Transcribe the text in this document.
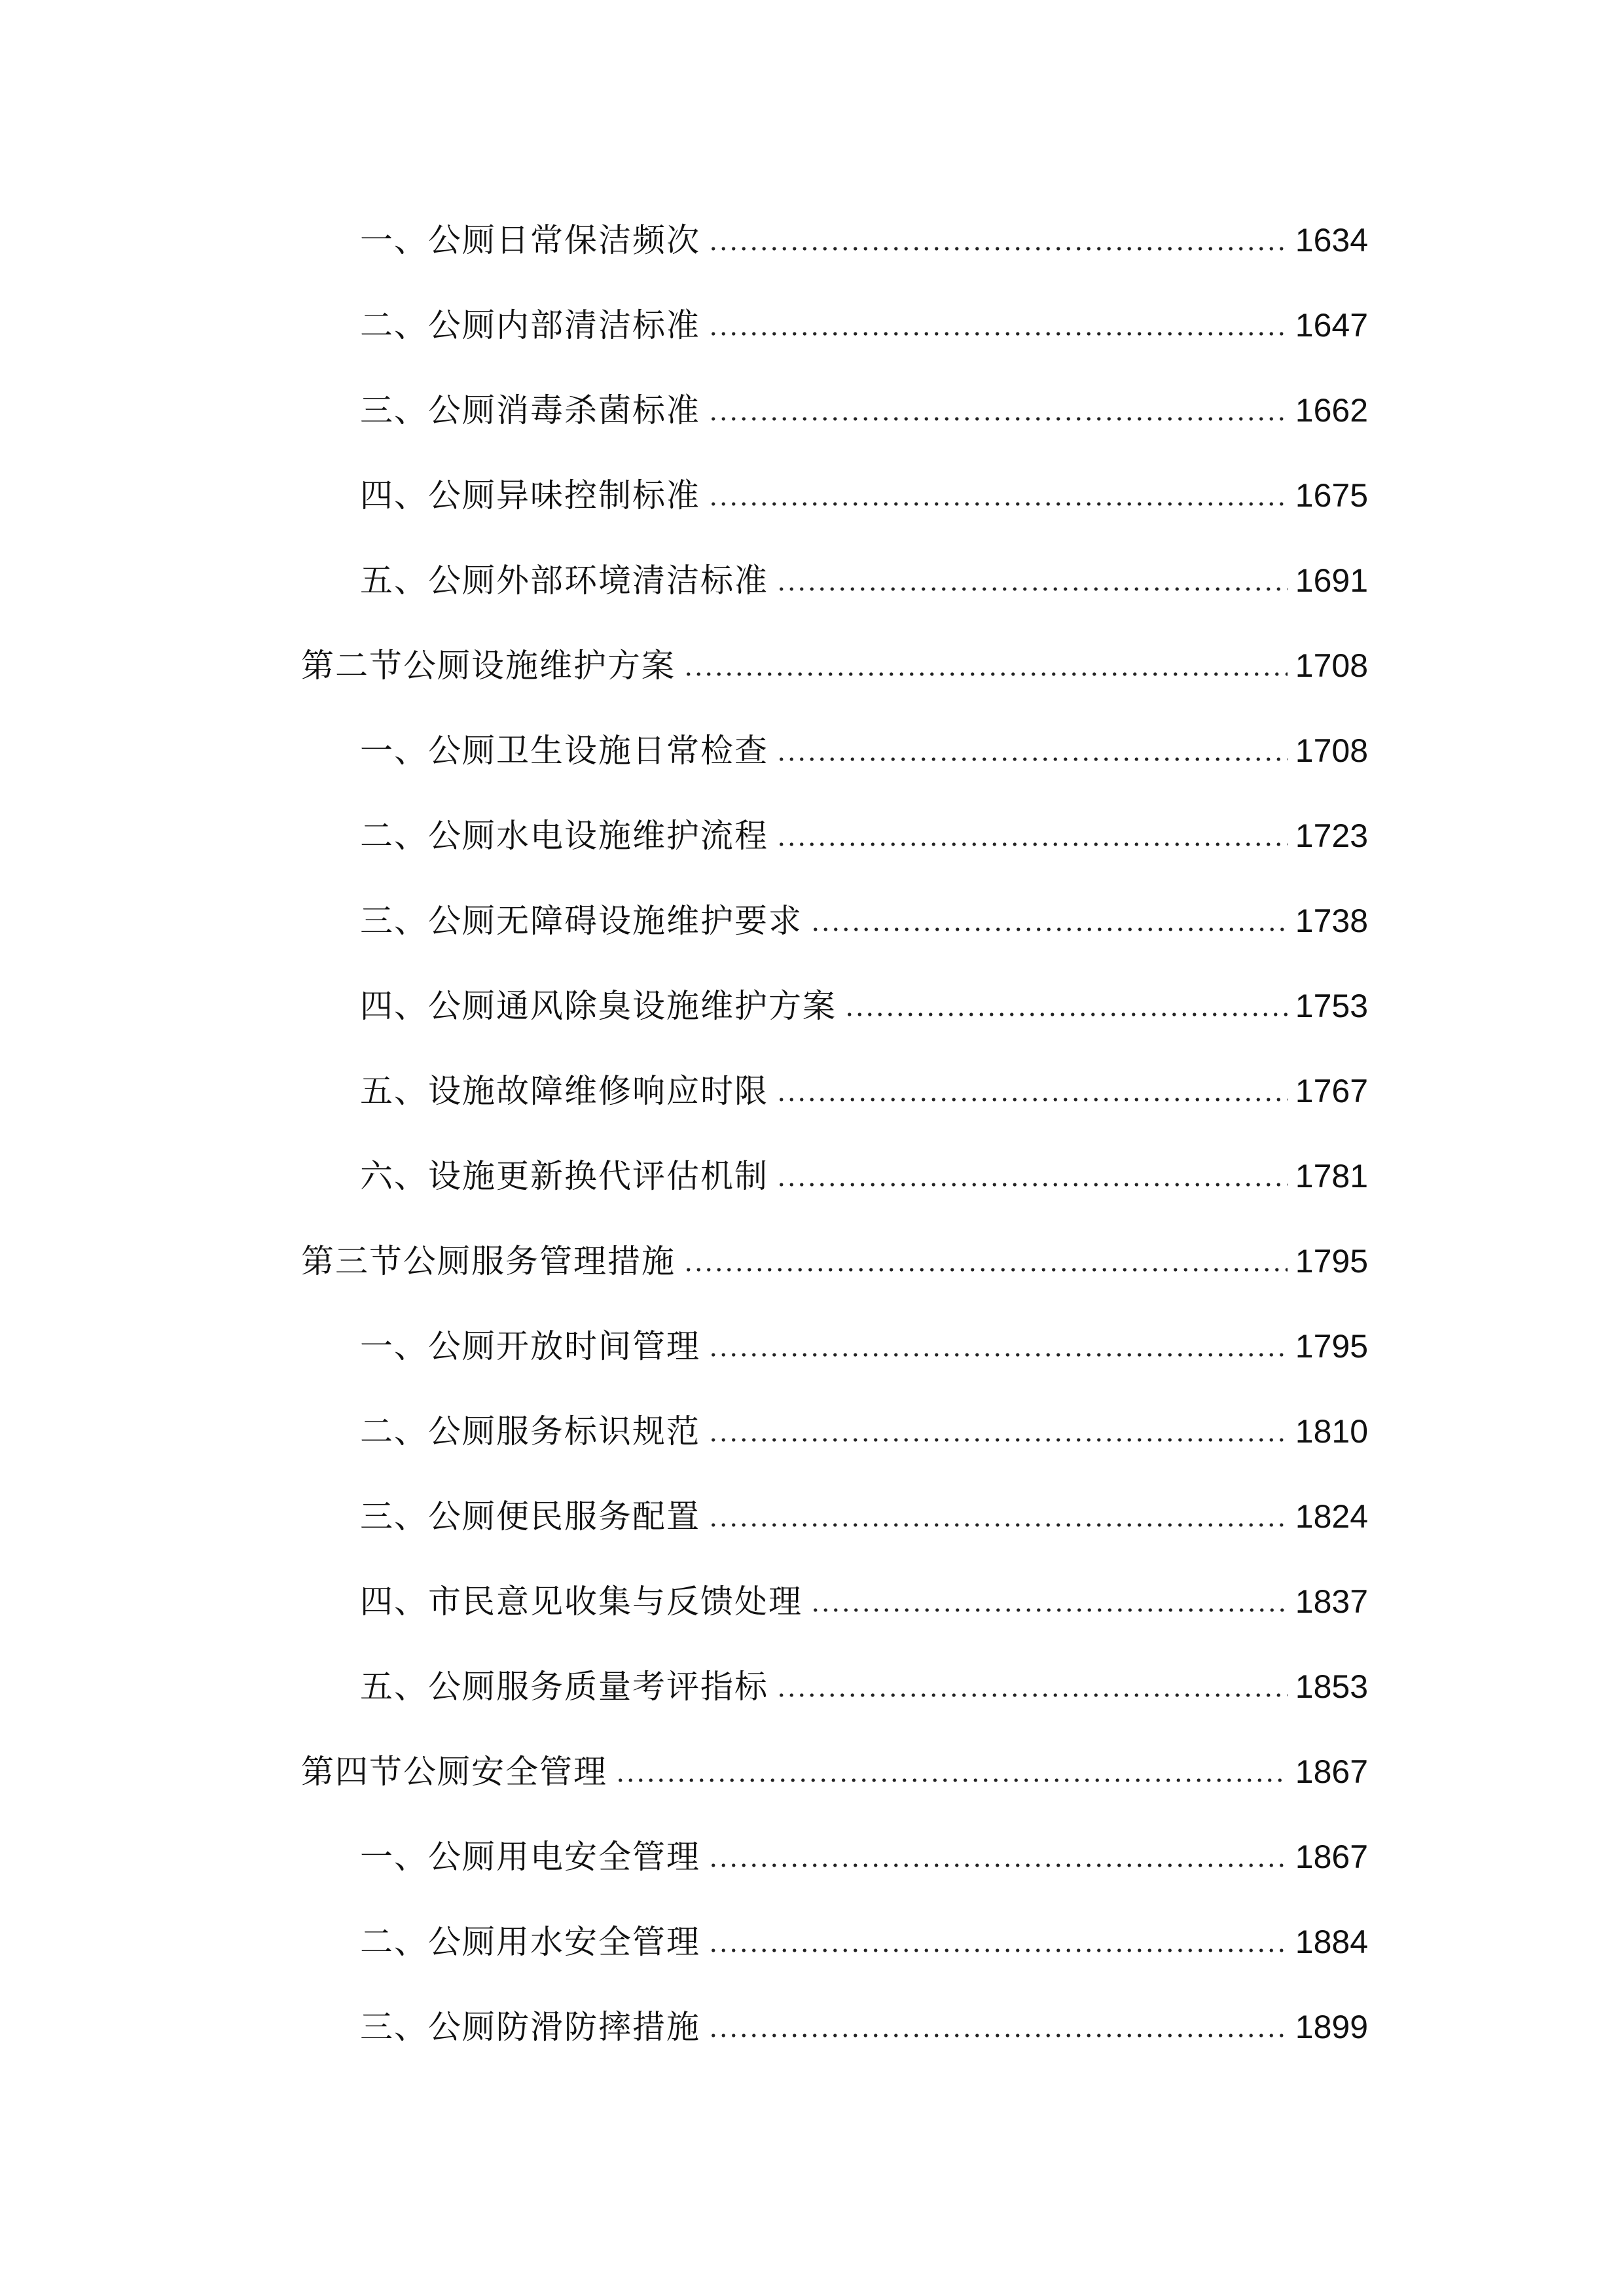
一、公厕日常保洁频次	1634
二、公厕内部清洁标准	1647
三、公厕消毒杀菌标准	1662
四、公厕异味控制标准	1675
五、公厕外部环境清洁标准	1691
第二节公厕设施维护方案	1708
一、公厕卫生设施日常检查	1708
二、公厕水电设施维护流程	1723
三、公厕无障碍设施维护要求	1738
四、公厕通风除臭设施维护方案	1753
五、设施故障维修响应时限	1767
六、设施更新换代评估机制	1781
第三节公厕服务管理措施	1795
一、公厕开放时间管理	1795
二、公厕服务标识规范	1810
三、公厕便民服务配置	1824
四、市民意见收集与反馈处理	1837
五、公厕服务质量考评指标	1853
第四节公厕安全管理	1867
一、公厕用电安全管理	1867
二、公厕用水安全管理	1884
三、公厕防滑防摔措施	1899
